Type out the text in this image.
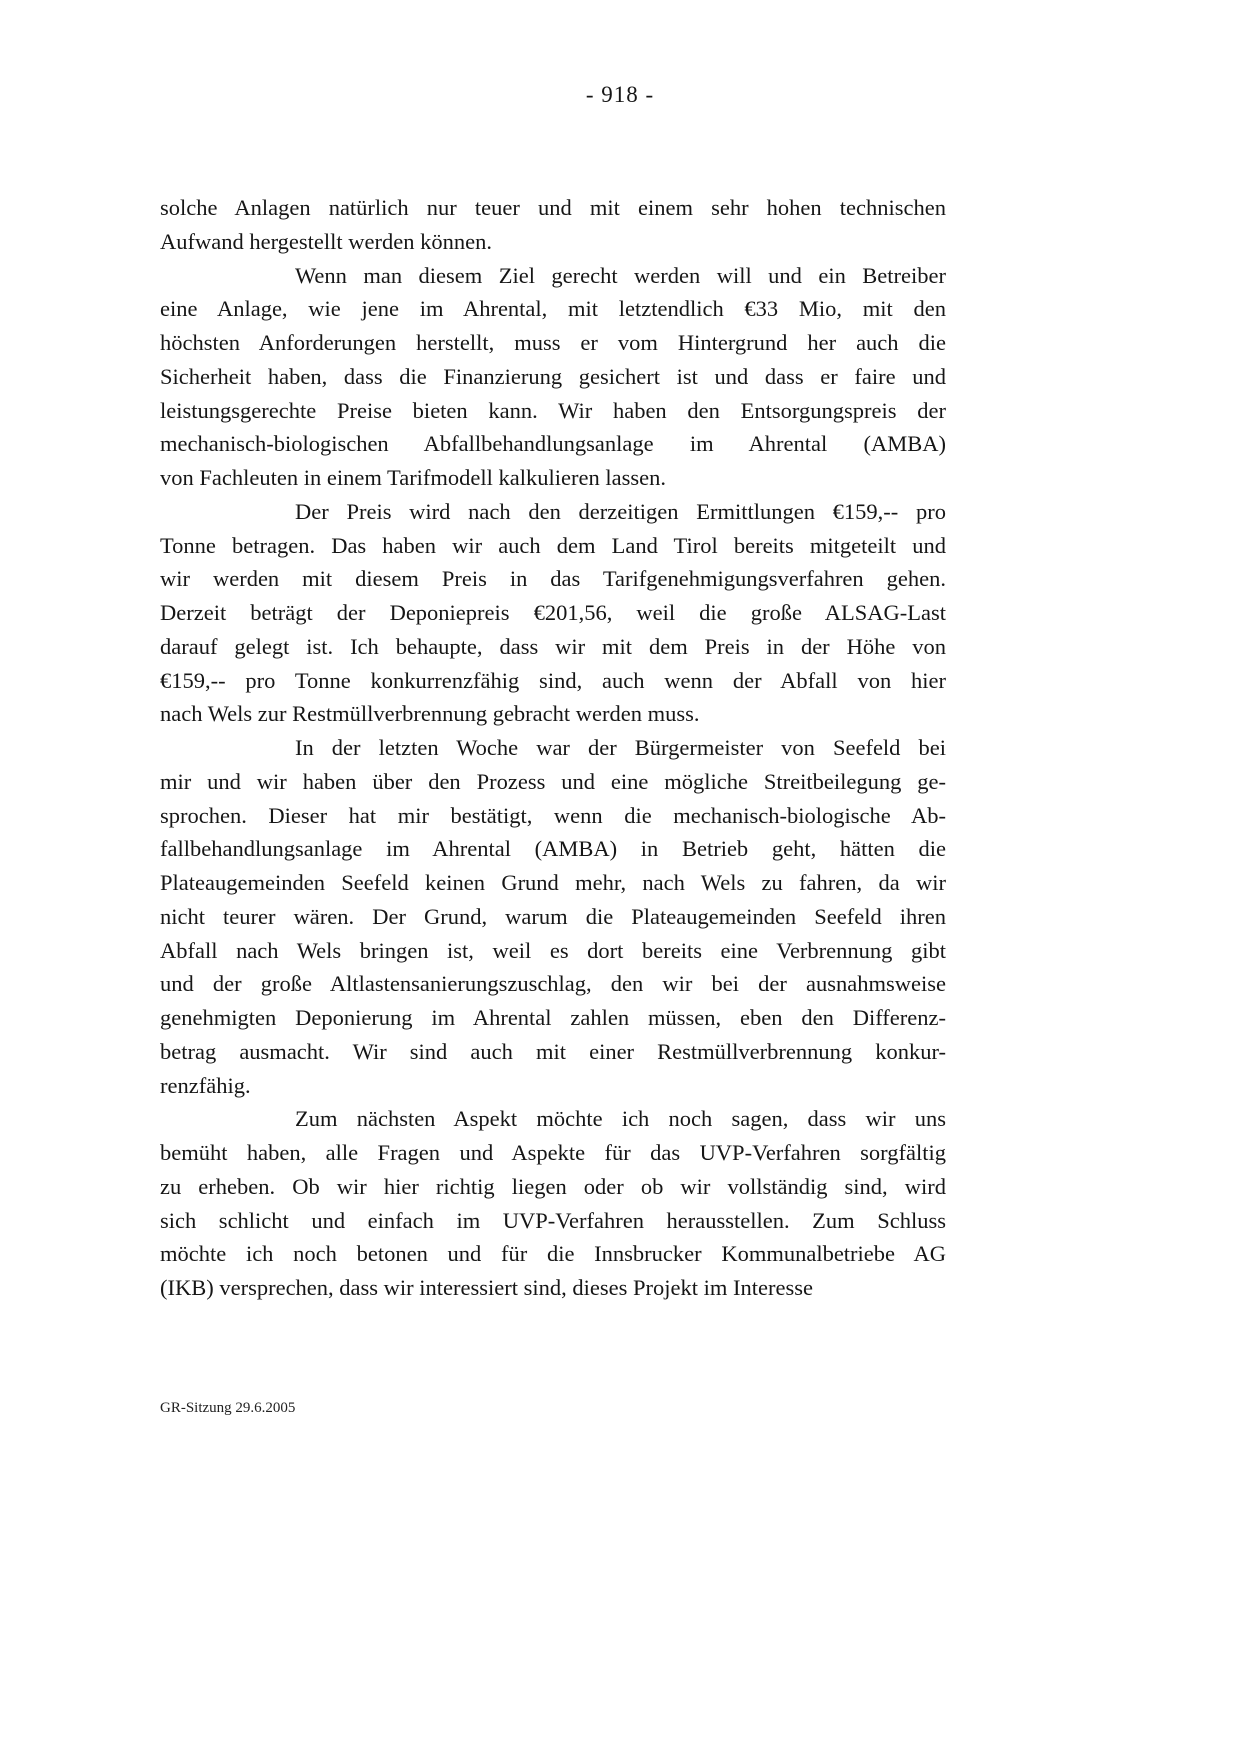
- 918 -
solche Anlagen natürlich nur teuer und mit einem sehr hohen technischen
Aufwand hergestellt werden können.
Wenn man diesem Ziel gerecht werden will und ein Betreiber
eine Anlage, wie jene im Ahrental, mit letztendlich €33 Mio, mit den
höchsten Anforderungen herstellt, muss er vom Hintergrund her auch die
Sicherheit haben, dass die Finanzierung gesichert ist und dass er faire und
leistungsgerechte Preise bieten kann. Wir haben den Entsorgungspreis der
mechanisch-biologischen Abfallbehandlungsanlage im Ahrental (AMBA)
von Fachleuten in einem Tarifmodell kalkulieren lassen.
Der Preis wird nach den derzeitigen Ermittlungen €159,-- pro
Tonne betragen. Das haben wir auch dem Land Tirol bereits mitgeteilt und
wir werden mit diesem Preis in das Tarifgenehmigungsverfahren gehen.
Derzeit beträgt der Deponiepreis €201,56, weil die große ALSAG-Last
darauf gelegt ist. Ich behaupte, dass wir mit dem Preis in der Höhe von
€159,-- pro Tonne konkurrenzfähig sind, auch wenn der Abfall von hier
nach Wels zur Restmüllverbrennung gebracht werden muss.
In der letzten Woche war der Bürgermeister von Seefeld bei
mir und wir haben über den Prozess und eine mögliche Streitbeilegung ge-
sprochen. Dieser hat mir bestätigt, wenn die mechanisch-biologische Ab-
fallbehandlungsanlage im Ahrental (AMBA) in Betrieb geht, hätten die
Plateaugemeinden Seefeld keinen Grund mehr, nach Wels zu fahren, da wir
nicht teurer wären. Der Grund, warum die Plateaugemeinden Seefeld ihren
Abfall nach Wels bringen ist, weil es dort bereits eine Verbrennung gibt
und der große Altlastensanierungszuschlag, den wir bei der ausnahmsweise
genehmigten Deponierung im Ahrental zahlen müssen, eben den Differenz-
betrag ausmacht. Wir sind auch mit einer Restmüllverbrennung konkur-
renzfähig.
Zum nächsten Aspekt möchte ich noch sagen, dass wir uns
bemüht haben, alle Fragen und Aspekte für das UVP-Verfahren sorgfältig
zu erheben. Ob wir hier richtig liegen oder ob wir vollständig sind, wird
sich schlicht und einfach im UVP-Verfahren herausstellen. Zum Schluss
möchte ich noch betonen und für die Innsbrucker Kommunalbetriebe AG
(IKB) versprechen, dass wir interessiert sind, dieses Projekt im Interesse
GR-Sitzung 29.6.2005
